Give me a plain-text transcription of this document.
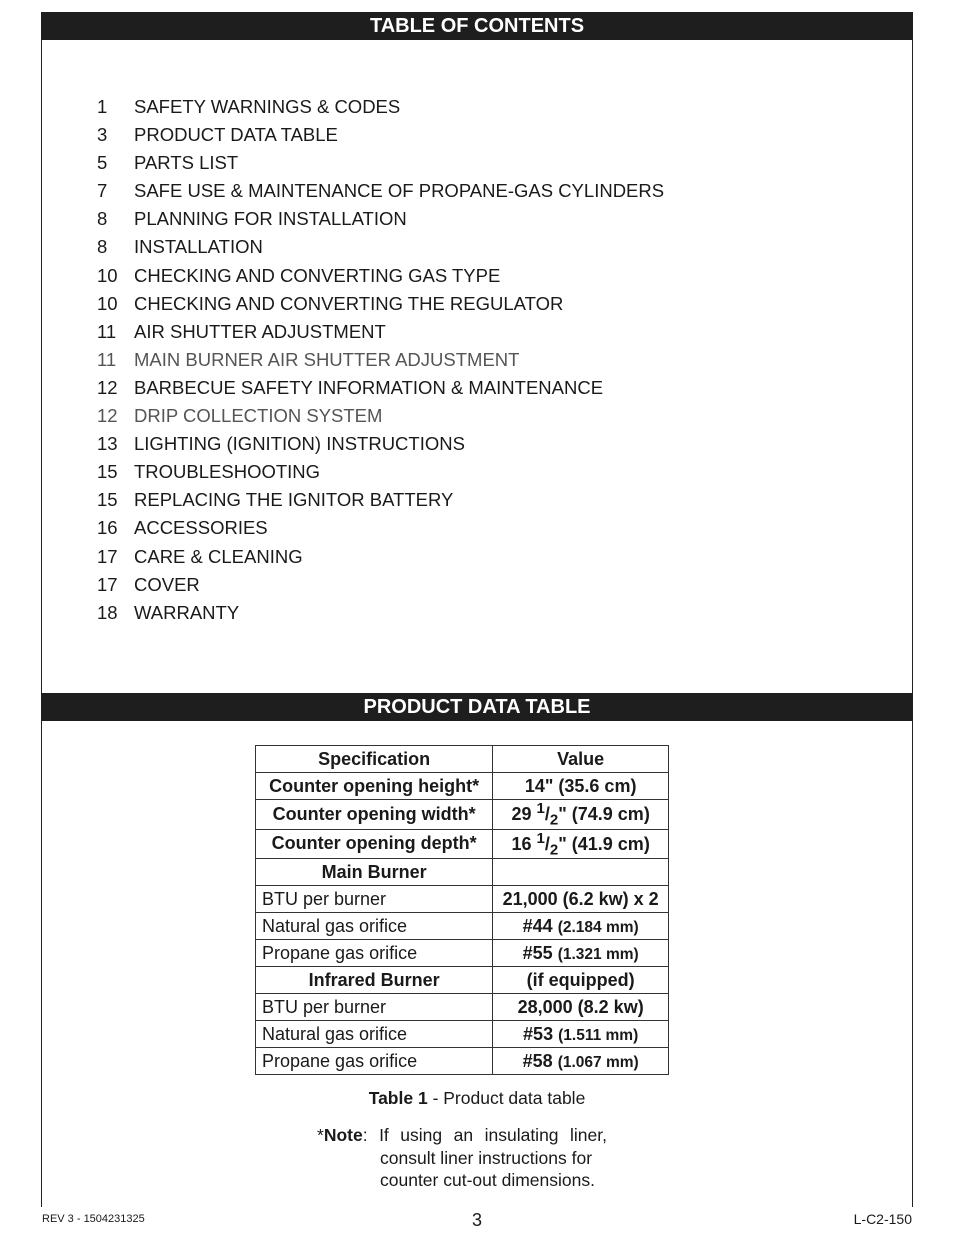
TABLE OF CONTENTS
1 SAFETY WARNINGS & CODES
3 PRODUCT DATA TABLE
5 PARTS LIST
7 SAFE USE & MAINTENANCE OF PROPANE-GAS CYLINDERS
8 PLANNING FOR INSTALLATION
8 INSTALLATION
10 CHECKING AND CONVERTING GAS TYPE
10 CHECKING AND CONVERTING THE REGULATOR
11 AIR SHUTTER ADJUSTMENT
11 MAIN BURNER AIR SHUTTER ADJUSTMENT
12 BARBECUE SAFETY INFORMATION & MAINTENANCE
12 DRIP COLLECTION SYSTEM
13 LIGHTING (IGNITION) INSTRUCTIONS
15 TROUBLESHOOTING
15 REPLACING THE IGNITOR BATTERY
16 ACCESSORIES
17 CARE & CLEANING
17 COVER
18 WARRANTY
PRODUCT DATA TABLE
Specification	Value
Counter opening height*	14" (35.6 cm)
Counter opening width*	29 $^1/_2$" (74.9 cm)
Counter opening depth*	16 $^1/_2$" (41.9 cm)
Main Burner	
BTU per burner	21,000 (6.2 kw) x 2
Natural gas orifice	#44 (2.184 mm)
Propane gas orifice	#55 (1.321 mm)
Infrared Burner	(if equipped)
BTU per burner	28,000 (8.2 kw)
Natural gas orifice	#53 (1.511 mm)
Propane gas orifice	#58 (1.067 mm)
Table 1 - Product data table
*Note: If using an insulating liner,
consult liner instructions for
counter cut-out dimensions.
REV 3 - 1504231325	3	L-C2-150
